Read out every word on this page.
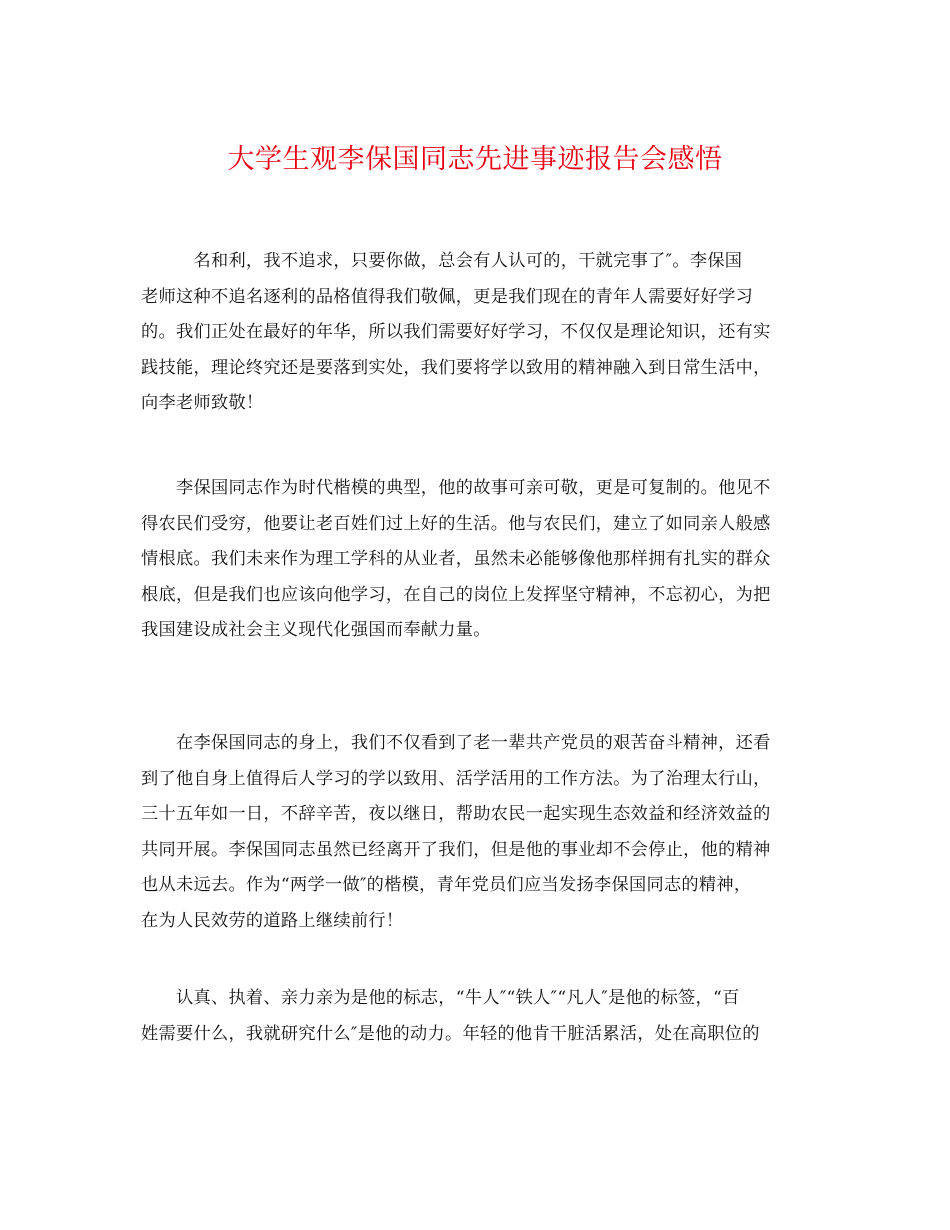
大学生观李保国同志先进事迹报告会感悟
　　　名和利，我不追求，只要你做，总会有人认可的，干就完事了″。李保国
老师这种不追名逐利的品格值得我们敬佩，更是我们现在的青年人需要好好学习
的。我们正处在最好的年华，所以我们需要好好学习，不仅仅是理论知识，还有实
践技能，理论终究还是要落到实处，我们要将学以致用的精神融入到日常生活中，
向李老师致敬！
　　李保国同志作为时代楷模的典型，他的故事可亲可敬，更是可复制的。他见不
得农民们受穷，他要让老百姓们过上好的生活。他与农民们，建立了如同亲人般感
情根底。我们未来作为理工学科的从业者，虽然未必能够像他那样拥有扎实的群众
根底，但是我们也应该向他学习，在自己的岗位上发挥坚守精神，不忘初心，为把
我国建设成社会主义现代化强国而奉献力量。
　　在李保国同志的身上，我们不仅看到了老一辈共产党员的艰苦奋斗精神，还看
到了他自身上值得后人学习的学以致用、活学活用的工作方法。为了治理太行山，
三十五年如一日，不辞辛苦，夜以继日，帮助农民一起实现生态效益和经济效益的
共同开展。李保国同志虽然已经离开了我们，但是他的事业却不会停止，他的精神
也从未远去。作为“两学一做″的楷模，青年党员们应当发扬李保国同志的精神，
在为人民效劳的道路上继续前行！
　　认真、执着、亲力亲为是他的标志，“牛人″“铁人″“凡人″是他的标签，“百
姓需要什么，我就研究什么″是他的动力。年轻的他肯干脏活累活，处在高职位的
